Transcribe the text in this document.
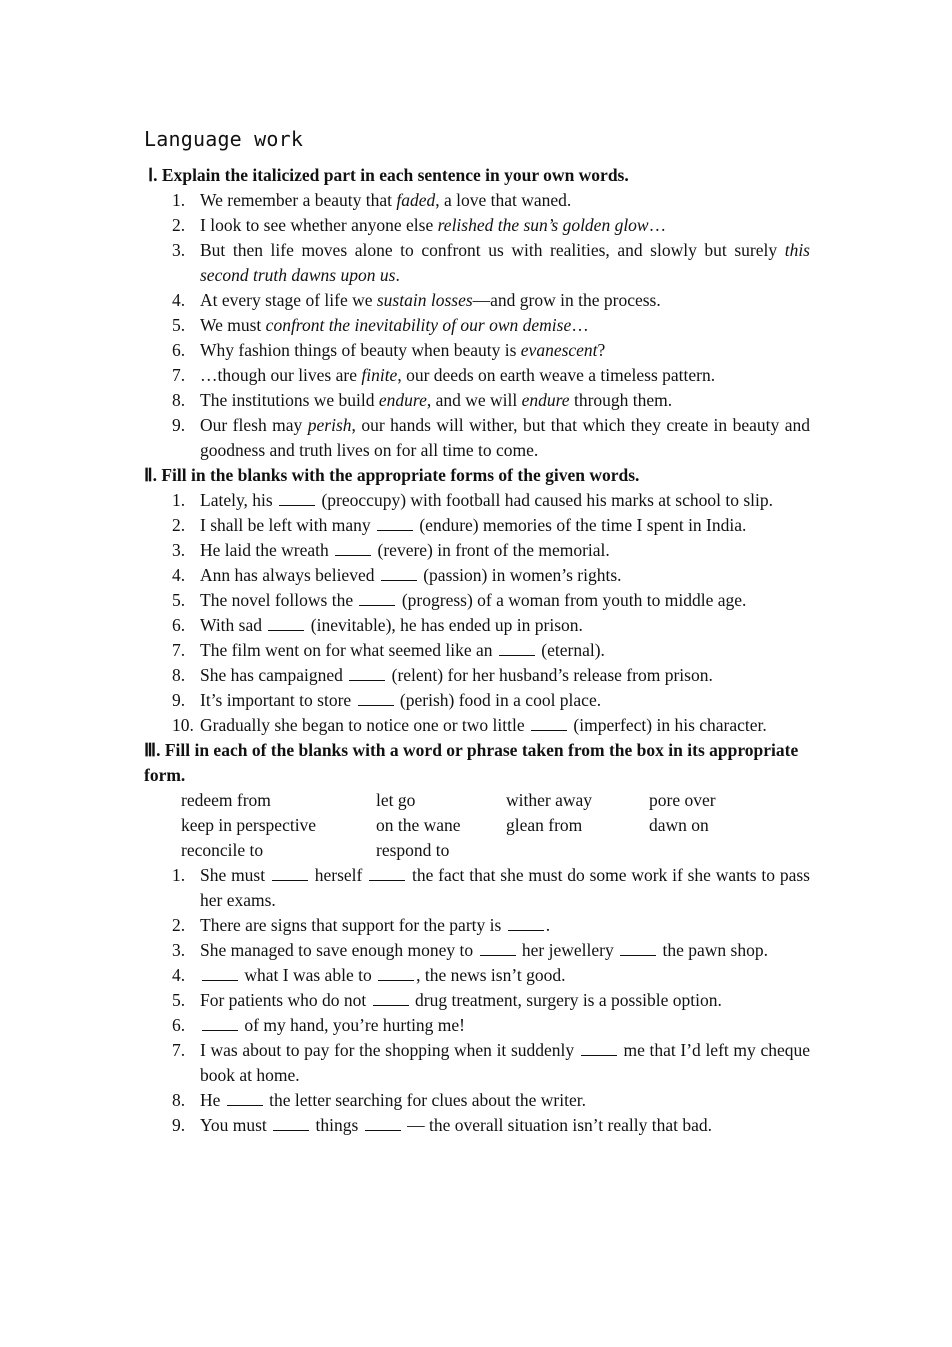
Language work
Ⅰ. Explain the italicized part in each sentence in your own words.
1. We remember a beauty that faded, a love that waned.
2. I look to see whether anyone else relished the sun’s golden glow…
3. But then life moves alone to confront us with realities, and slowly but surely this second truth dawns upon us.
4. At every stage of life we sustain losses—and grow in the process.
5. We must confront the inevitability of our own demise…
6. Why fashion things of beauty when beauty is evanescent?
7. …though our lives are finite, our deeds on earth weave a timeless pattern.
8. The institutions we build endure, and we will endure through them.
9. Our flesh may perish, our hands will wither, but that which they create in beauty and goodness and truth lives on for all time to come.
Ⅱ. Fill in the blanks with the appropriate forms of the given words.
1. Lately, his  (preoccupy) with football had caused his marks at school to slip.
2. I shall be left with many  (endure) memories of the time I spent in India.
3. He laid the wreath  (revere) in front of the memorial.
4. Ann has always believed  (passion) in women’s rights.
5. The novel follows the  (progress) of a woman from youth to middle age.
6. With sad  (inevitable), he has ended up in prison.
7. The film went on for what seemed like an  (eternal).
8. She has campaigned  (relent) for her husband’s release from prison.
9. It’s important to store  (perish) food in a cool place.
10. Gradually she began to notice one or two little  (imperfect) in his character.
Ⅲ. Fill in each of the blanks with a word or phrase taken from the box in its appropriate form.
redeem from	let go	wither away	pore over
keep in perspective	on the wane	glean from	dawn on
reconcile to	respond to
1. She must  herself  the fact that she must do some work if she wants to pass her exams.
2. There are signs that support for the party is .
3. She managed to save enough money to  her jewellery  the pawn shop.
4.	what I was able to , the news isn’t good.
5. For patients who do not  drug treatment, surgery is a possible option.
6.	of my hand, you’re hurting me!
7. I was about to pay for the shopping when it suddenly  me that I’d left my cheque book at home.
8. He  the letter searching for clues about the writer.
9. You must  things  — the overall situation isn’t really that bad.
